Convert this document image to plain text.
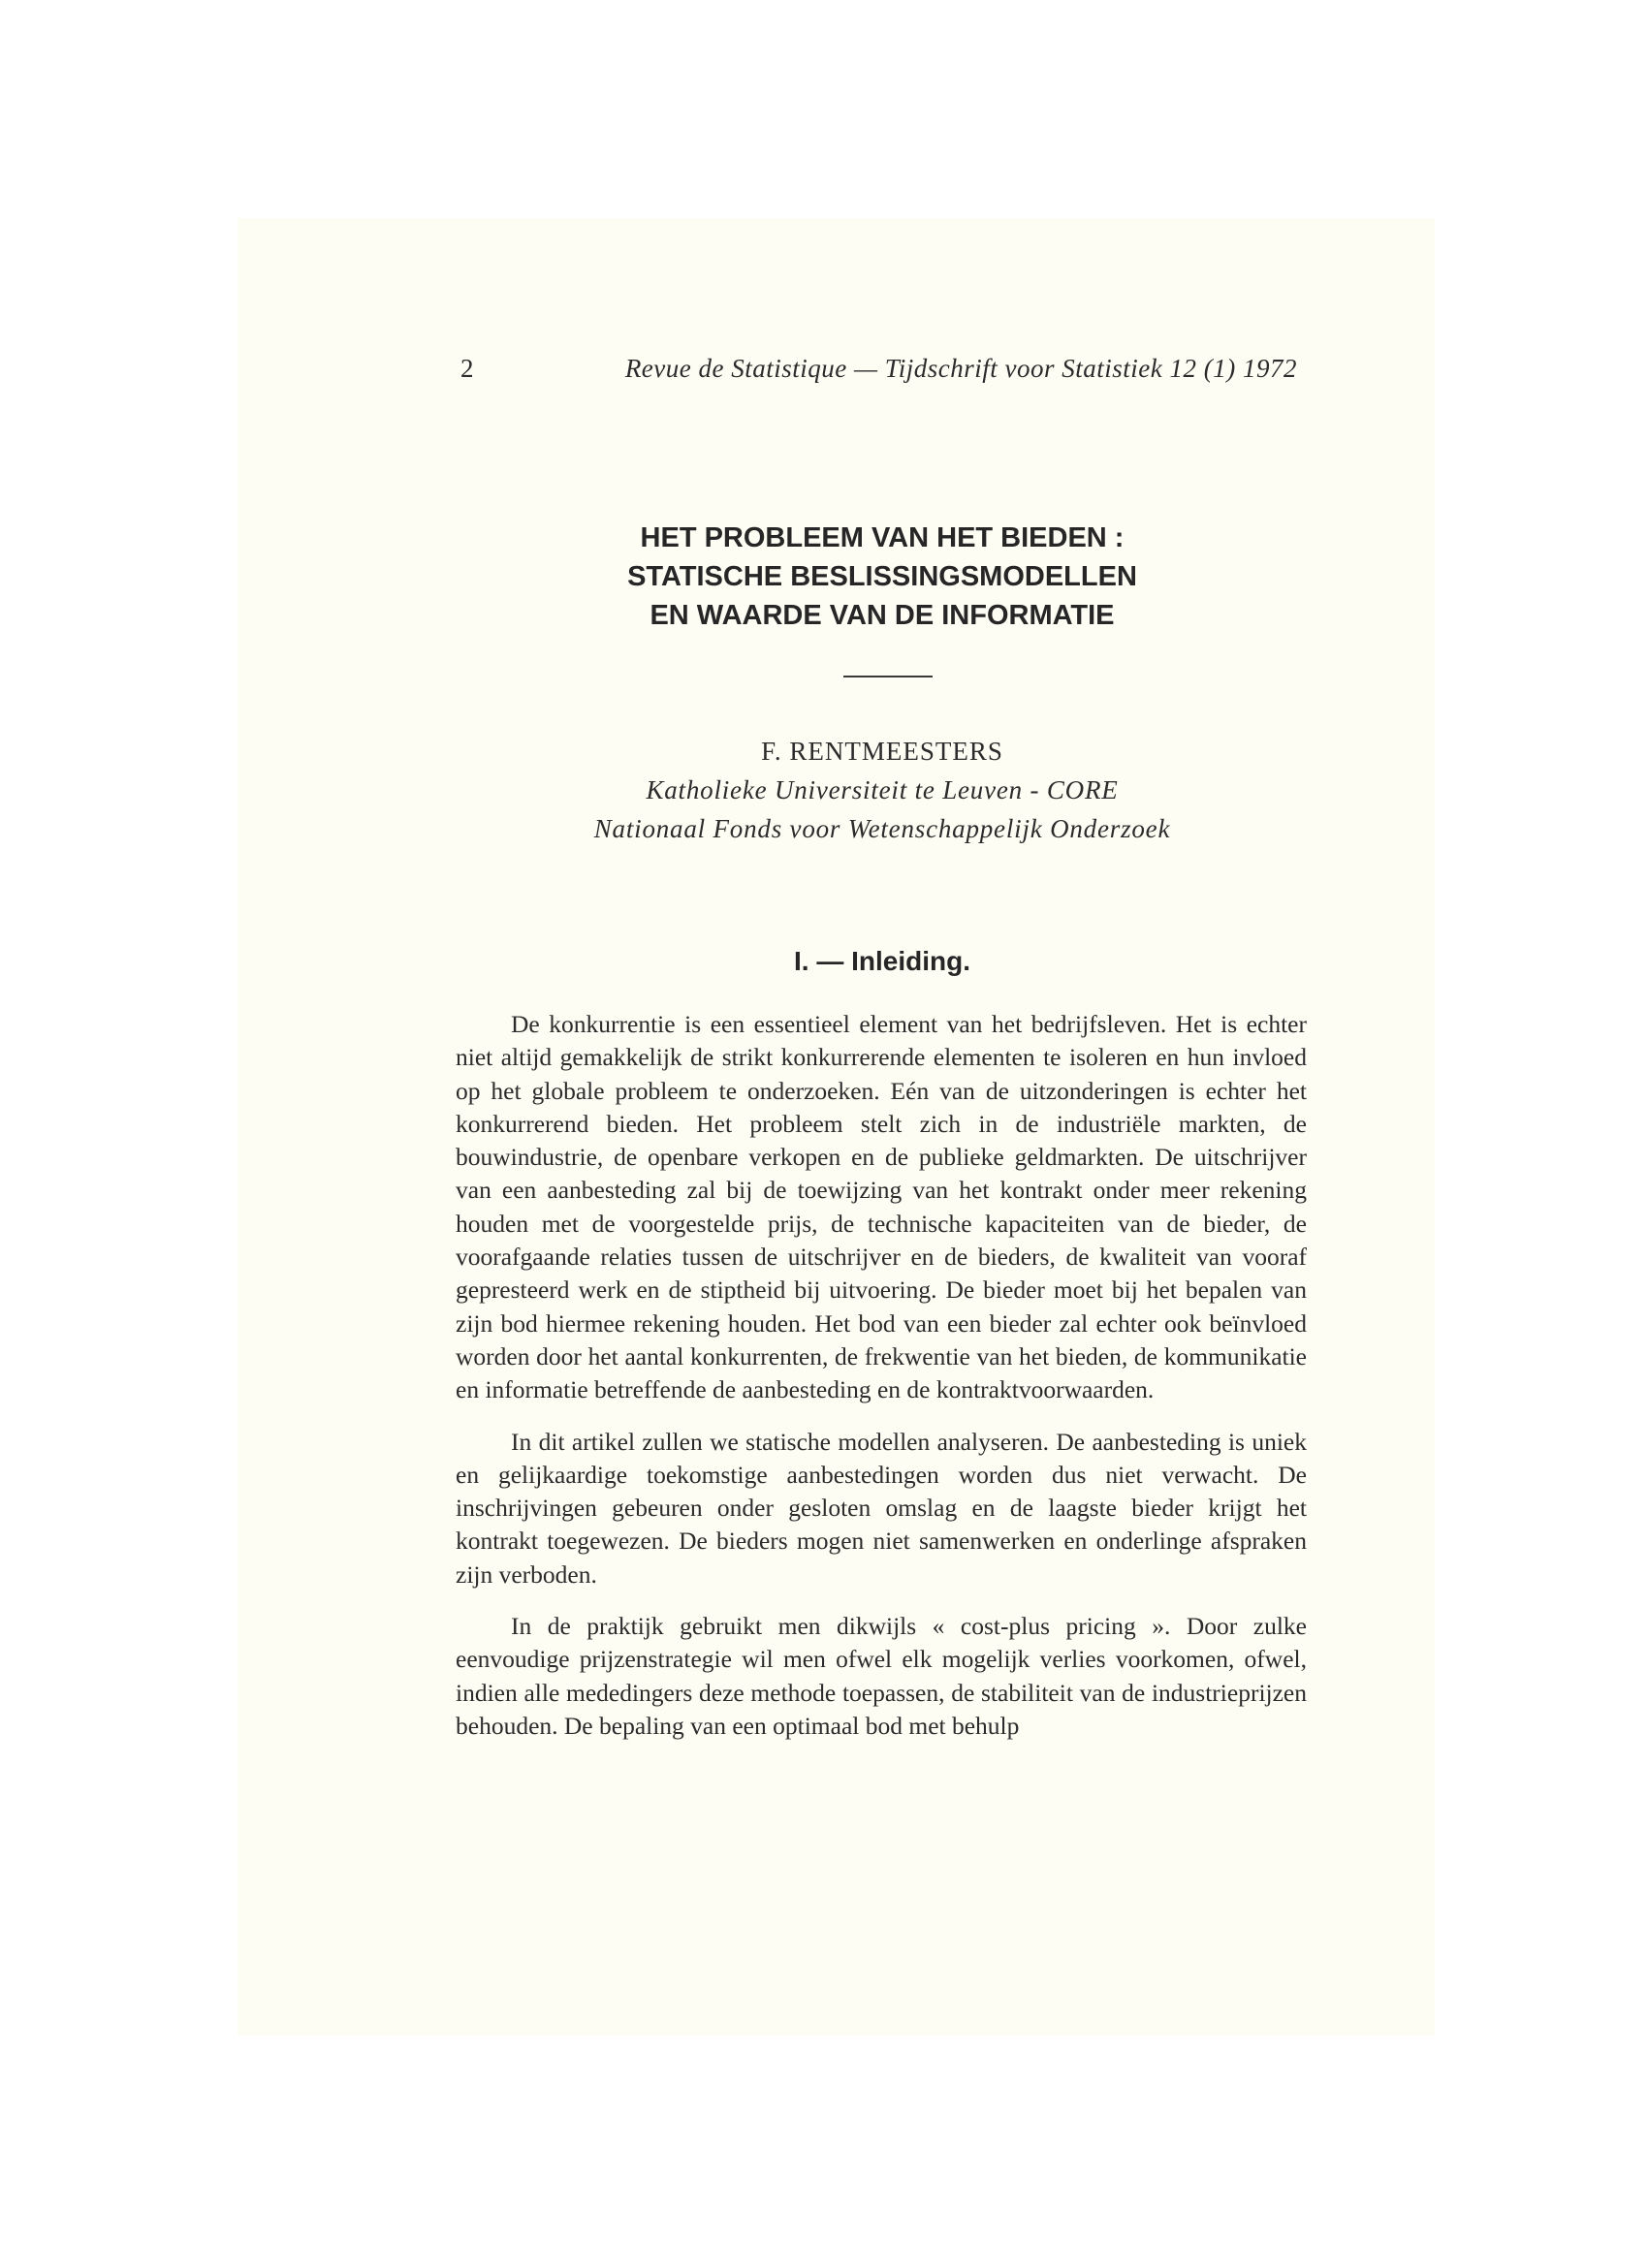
2	Revue de Statistique — Tijdschrift voor Statistiek 12 (1) 1972
HET PROBLEEM VAN HET BIEDEN :
STATISCHE BESLISSINGSMODELLEN
EN WAARDE VAN DE INFORMATIE
F. RENTMEESTERS
Katholieke Universiteit te Leuven - CORE
Nationaal Fonds voor Wetenschappelijk Onderzoek
I. — Inleiding.

De konkurrentie is een essentieel element van het bedrijfsleven. Het is echter niet altijd gemakkelijk de strikt konkurrerende elementen te isoleren en hun invloed op het globale probleem te onderzoeken. Eén van de uitzonderingen is echter het konkurrerend bieden. Het probleem stelt zich in de industriële markten, de bouwindustrie, de openbare verkopen en de publieke geldmarkten. De uitschrijver van een aanbesteding zal bij de toewijzing van het kontrakt onder meer rekening houden met de voorgestelde prijs, de technische kapaciteiten van de bieder, de voorafgaande relaties tussen de uitschrijver en de bieders, de kwaliteit van vooraf gepresteerd werk en de stiptheid bij uitvoering. De bieder moet bij het bepalen van zijn bod hiermee rekening houden. Het bod van een bieder zal echter ook beïnvloed worden door het aantal konkurrenten, de frekwentie van het bieden, de kommunikatie en informatie betreffende de aanbesteding en de kontraktvoorwaarden.

In dit artikel zullen we statische modellen analyseren. De aanbesteding is uniek en gelijkaardige toekomstige aanbestedingen worden dus niet verwacht. De inschrijvingen gebeuren onder gesloten omslag en de laagste bieder krijgt het kontrakt toegewezen. De bieders mogen niet samenwerken en onderlinge afspraken zijn verboden.

In de praktijk gebruikt men dikwijls « cost-plus pricing ». Door zulke eenvoudige prijzenstrategie wil men ofwel elk mogelijk verlies voorkomen, ofwel, indien alle mededingers deze methode toepassen, de stabiliteit van de industrieprijzen behouden. De bepaling van een optimaal bod met behulp
